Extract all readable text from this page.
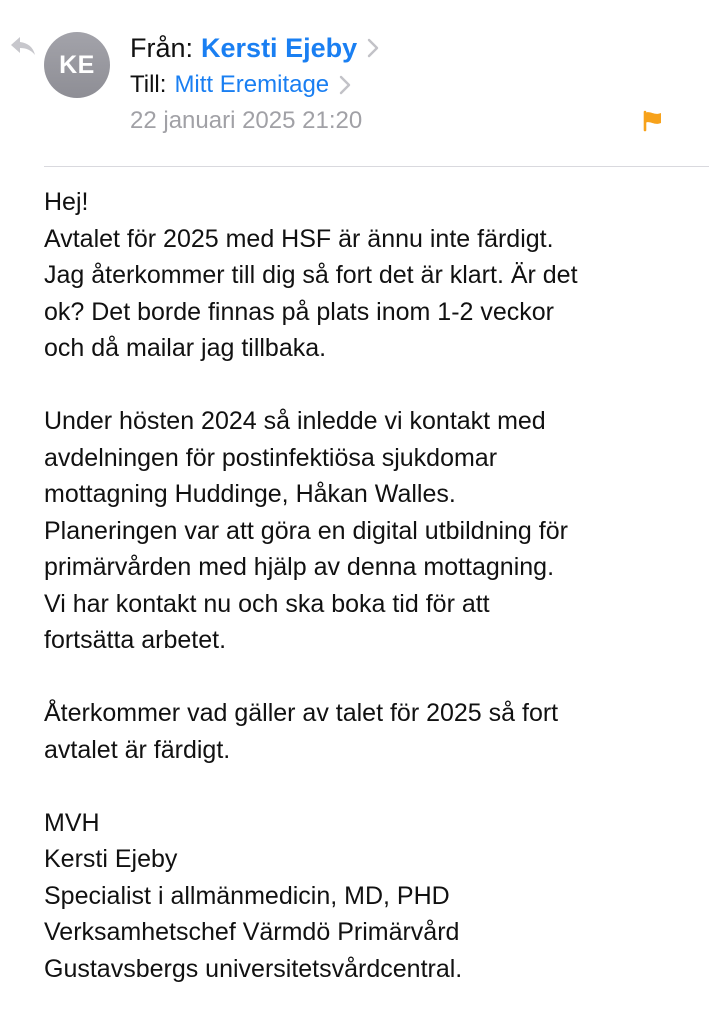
KE
Från: Kersti Ejeby
Till: Mitt Eremitage
22 januari 2025 21:20

Hej!
Avtalet för 2025 med HSF är ännu inte färdigt.
Jag återkommer till dig så fort det är klart. Är det
ok? Det borde finnas på plats inom 1-2 veckor
och då mailar jag tillbaka.

Under hösten 2024 så inledde vi kontakt med
avdelningen för postinfektiösa sjukdomar
mottagning Huddinge, Håkan Walles.
Planeringen var att göra en digital utbildning för
primärvården med hjälp av denna mottagning.
Vi har kontakt nu och ska boka tid för att
fortsätta arbetet.

Återkommer vad gäller av talet för 2025 så fort
avtalet är färdigt.

MVH
Kersti Ejeby
Specialist i allmänmedicin, MD, PHD
Verksamhetschef Värmdö Primärvård
Gustavsbergs universitetsvårdcentral.
